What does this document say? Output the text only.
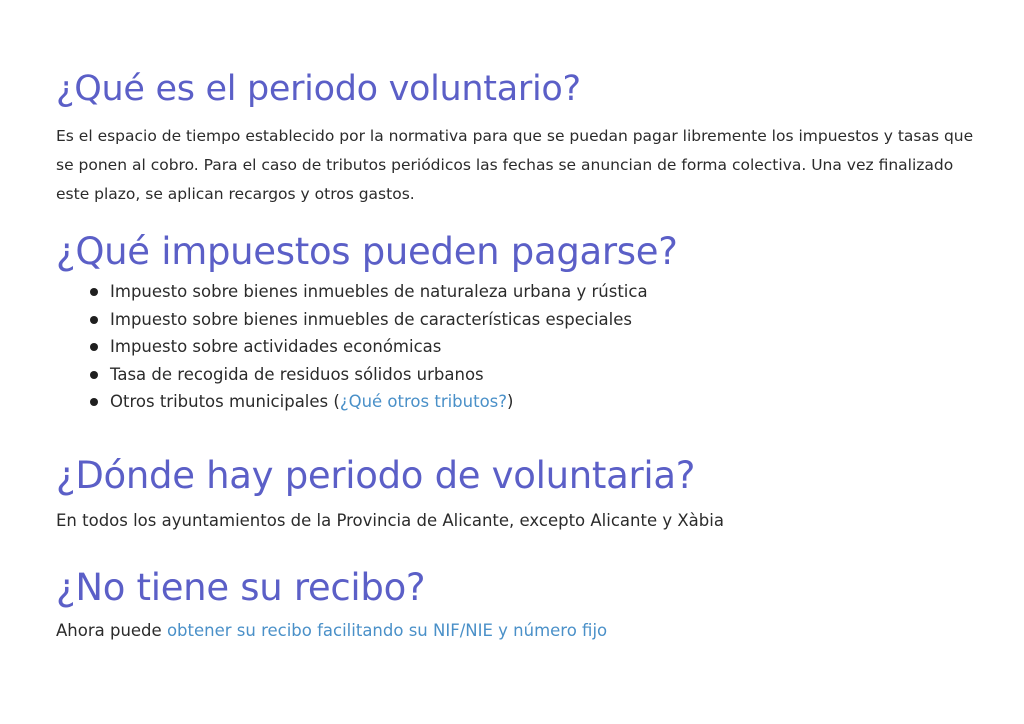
¿Qué es el periodo voluntario?

Es el espacio de tiempo establecido por la normativa para que se puedan pagar libremente los impuestos y tasas que se ponen al cobro. Para el caso de tributos periódicos las fechas se anuncian de forma colectiva. Una vez finalizado este plazo, se aplican recargos y otros gastos.

¿Qué impuestos pueden pagarse?
Impuesto sobre bienes inmuebles de naturaleza urbana y rústica
Impuesto sobre bienes inmuebles de características especiales
Impuesto sobre actividades económicas
Tasa de recogida de residuos sólidos urbanos
Otros tributos municipales (¿Qué otros tributos?)
¿Dónde hay periodo de voluntaria?

En todos los ayuntamientos de la Provincia de Alicante, excepto Alicante y Xàbia

¿No tiene su recibo?

Ahora puede obtener su recibo facilitando su NIF/NIE y número fijo
